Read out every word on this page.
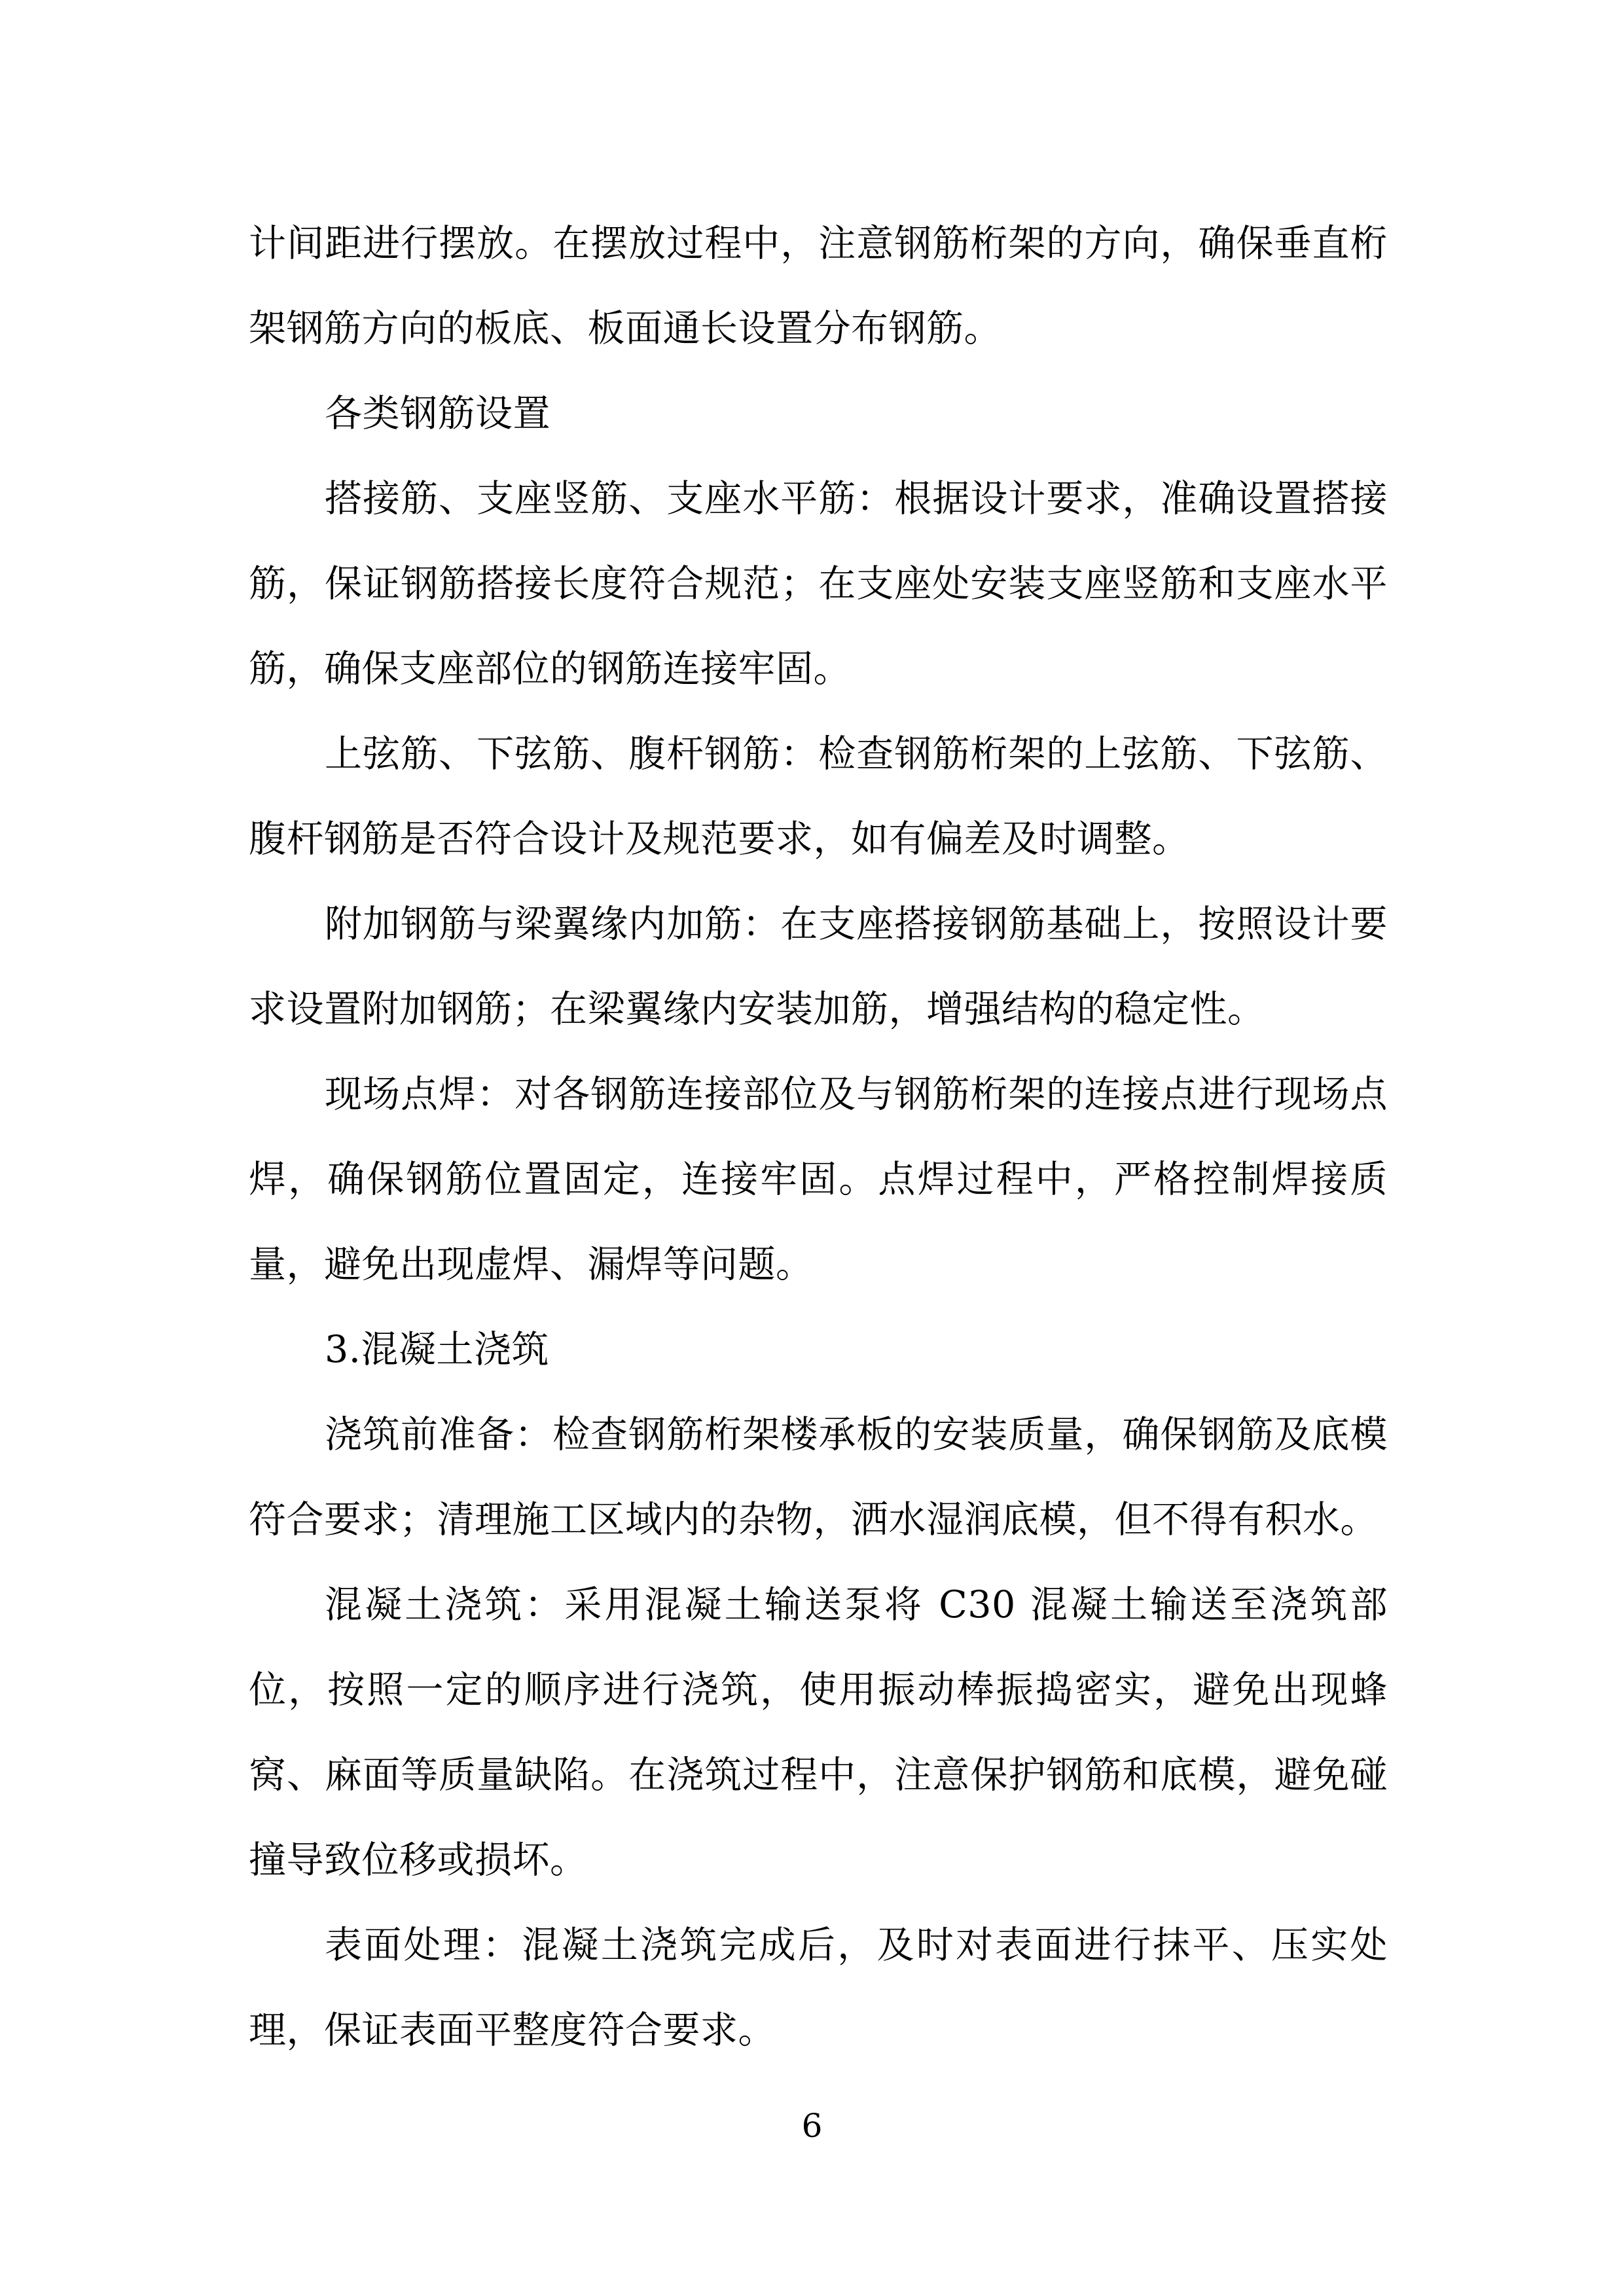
计间距进行摆放。在摆放过程中，注意钢筋桁架的方向，确保垂直桁架钢筋方向的板底、板面通长设置分布钢筋。

各类钢筋设置

搭接筋、支座竖筋、支座水平筋：根据设计要求，准确设置搭接筋，保证钢筋搭接长度符合规范；在支座处安装支座竖筋和支座水平筋，确保支座部位的钢筋连接牢固。

上弦筋、下弦筋、腹杆钢筋：检查钢筋桁架的上弦筋、下弦筋、腹杆钢筋是否符合设计及规范要求，如有偏差及时调整。

附加钢筋与梁翼缘内加筋：在支座搭接钢筋基础上，按照设计要求设置附加钢筋；在梁翼缘内安装加筋，增强结构的稳定性。

现场点焊：对各钢筋连接部位及与钢筋桁架的连接点进行现场点焊，确保钢筋位置固定，连接牢固。点焊过程中，严格控制焊接质量，避免出现虚焊、漏焊等问题。

3.混凝土浇筑

浇筑前准备：检查钢筋桁架楼承板的安装质量，确保钢筋及底模符合要求；清理施工区域内的杂物，洒水湿润底模，但不得有积水。

混凝土浇筑：采用混凝土输送泵将 C30 混凝土输送至浇筑部位，按照一定的顺序进行浇筑，使用振动棒振捣密实，避免出现蜂窝、麻面等质量缺陷。在浇筑过程中，注意保护钢筋和底模，避免碰撞导致位移或损坏。

表面处理：混凝土浇筑完成后，及时对表面进行抹平、压实处理，保证表面平整度符合要求。

6
